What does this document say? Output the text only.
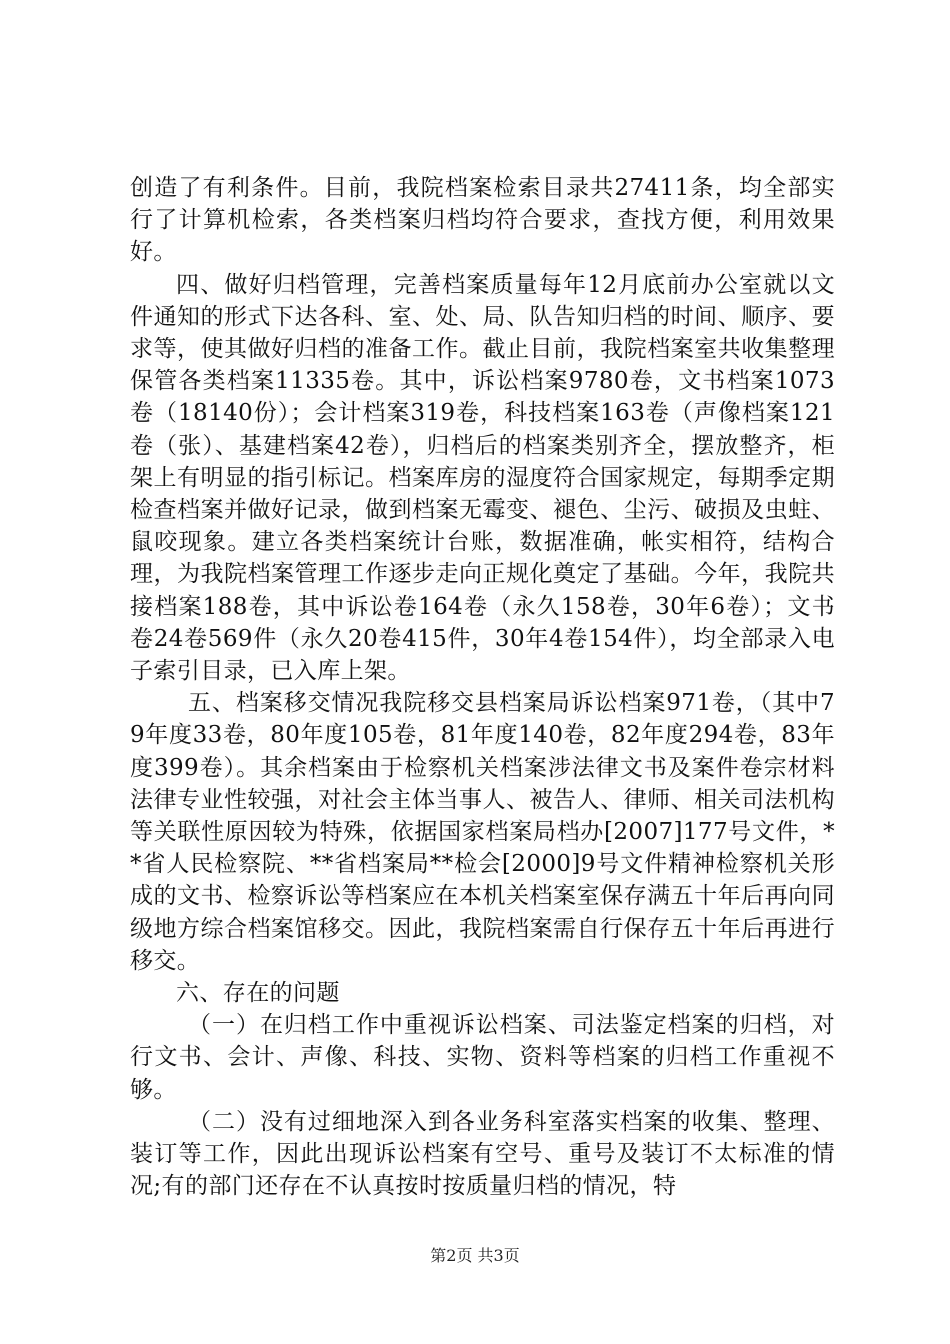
创造了有利条件。目前，我院档案检索目录共27411条，均全部实行了计算机检索，各类档案归档均符合要求，查找方便，利用效果好。

四、做好归档管理，完善档案质量每年12月底前办公室就以文件通知的形式下达各科、室、处、局、队告知归档的时间、顺序、要求等，使其做好归档的准备工作。截止目前，我院档案室共收集整理保管各类档案11335卷。其中，诉讼档案9780卷，文书档案1073卷（18140份）；会计档案319卷，科技档案163卷（声像档案121卷（张）、基建档案42卷），归档后的档案类别齐全，摆放整齐，柜架上有明显的指引标记。档案库房的湿度符合国家规定，每期季定期检查档案并做好记录，做到档案无霉变、褪色、尘污、破损及虫蛀、鼠咬现象。建立各类档案统计台账，数据准确，帐实相符，结构合理，为我院档案管理工作逐步走向正规化奠定了基础。今年，我院共接档案188卷，其中诉讼卷164卷（永久158卷，30年6卷）；文书卷24卷569件（永久20卷415件，30年4卷154件），均全部录入电子索引目录，已入库上架。

五、档案移交情况我院移交县档案局诉讼档案971卷，（其中79年度33卷，80年度105卷，81年度140卷，82年度294卷，83年度399卷）。其余档案由于检察机关档案涉法律文书及案件卷宗材料法律专业性较强，对社会主体当事人、被告人、律师、相关司法机构等关联性原因较为特殊，依据国家档案局档办[2007]177号文件，**省人民检察院、**省档案局**检会[2000]9号文件精神检察机关形成的文书、检察诉讼等档案应在本机关档案室保存满五十年后再向同级地方综合档案馆移交。因此，我院档案需自行保存五十年后再进行移交。

六、存在的问题

（一）在归档工作中重视诉讼档案、司法鉴定档案的归档，对行文书、会计、声像、科技、实物、资料等档案的归档工作重视不够。

（二）没有过细地深入到各业务科室落实档案的收集、整理、装订等工作，因此出现诉讼档案有空号、重号及装订不太标准的情况;有的部门还存在不认真按时按质量归档的情况，特

第2页 共3页
